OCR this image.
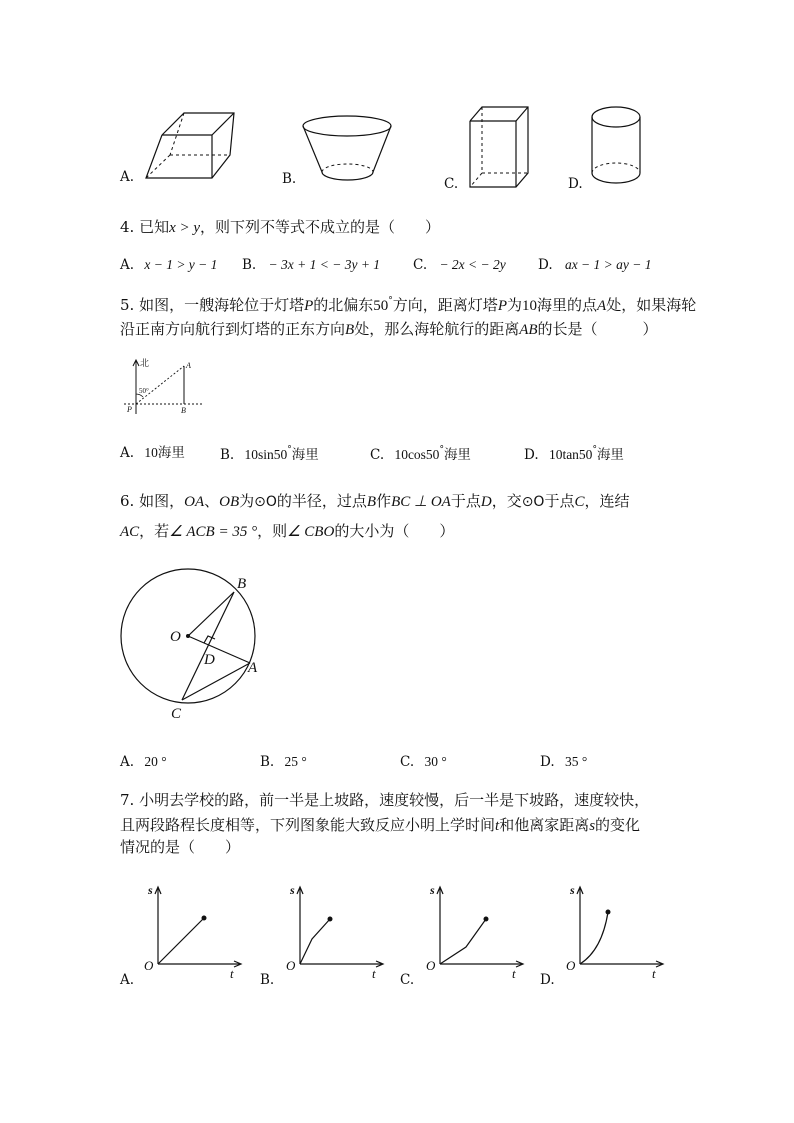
A.	B.	C.	D.
4. 已知x > y，则下列不等式不成立的是（　　）
A. x − 1 > y − 1 B. − 3x + 1 < − 3y + 1 C. − 2x < − 2y D. ax − 1 > ay − 1
5. 如图，一艘海轮位于灯塔P的北偏东50°方向，距离灯塔P为10海里的点A处，如果海轮
沿正南方向航行到灯塔的正东方向B处，那么海轮航行的距离AB的长是（　　　）
北
50°
P
A
B
A. 10海里	B. 10sin50°海里	C. 10cos50°海里	D. 10tan50°海里
6. 如图，OA、OB为⊙O的半径，过点B作BC ⊥ OA于点D，交⊙O于点C，连结
AC，若∠ ACB = 35 °，则∠ CBO的大小为（　　）
O
B
D A
C
A. 20 °	B. 25 °	C. 30 °	D. 35 °
7. 小明去学校的路，前一半是上坡路，速度较慢，后一半是下坡路，速度较快，
且两段路程长度相等，下列图象能大致反应小明上学时间t和他离家距离s的变化
情况的是（　　）
s
t
O
A.
s
t
O
B.
s
t
O
C.
s
t
O
D.
